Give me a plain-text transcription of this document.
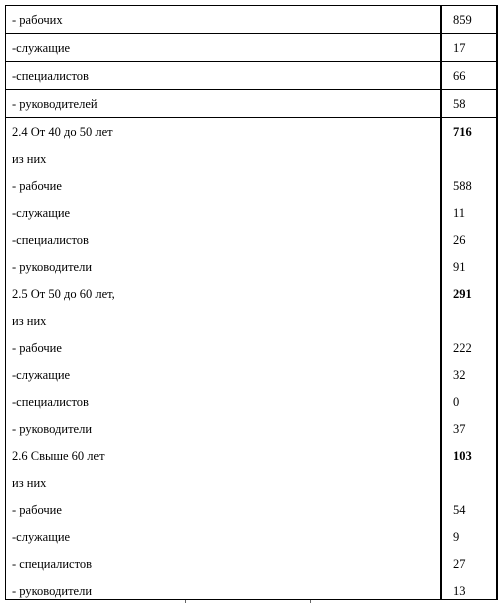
- рабочих	859
-служащие	17
-специалистов	66
- руководителей	58
2.4 От 40 до 50 лет	716
из них	
- рабочие	588
-служащие	11
-специалистов	26
- руководители	91
2.5 От 50 до 60 лет,	291
из них	
- рабочие	222
-служащие	32
-специалистов	0
- руководители	37
2.6 Свыше 60 лет	103
из них	
- рабочие	54
-служащие	9
- специалистов	27
- руководители	13
